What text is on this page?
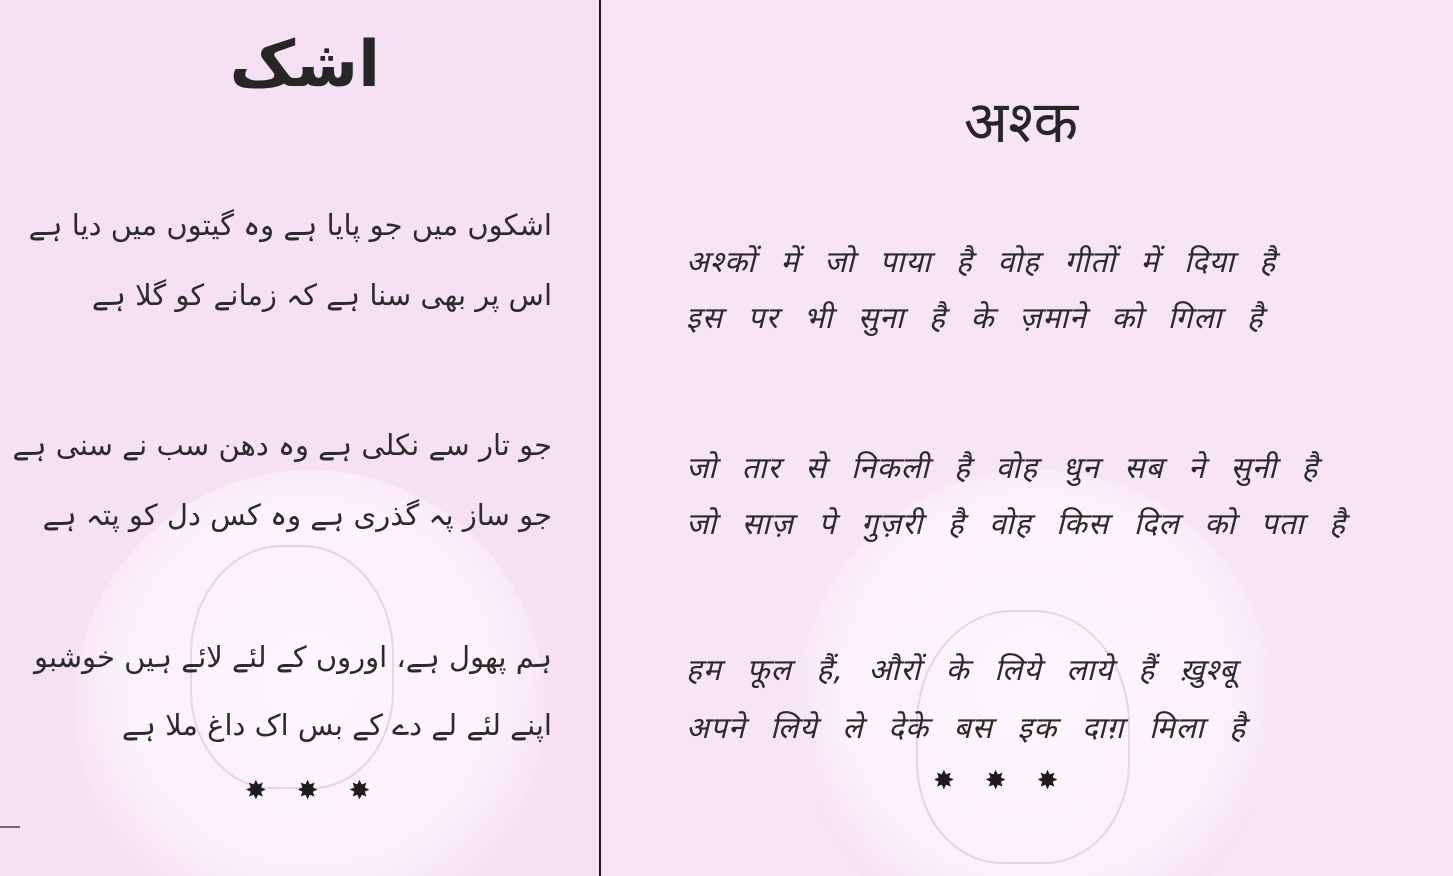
اشک
اشکوں میں جو پایا ہے وہ گیتوں میں دیا ہے
اس پر بھی سنا ہے کہ زمانے کو گلا ہے
جو تار سے نکلی ہے وہ دھن سب نے سنی ہے
جو ساز پہ گذری ہے وہ کس دل کو پتہ ہے
ہم پھول ہے، اوروں کے لئے لائے ہیں خوشبو
اپنے لئے لے دے کے بس اک داغ ملا ہے
✸✸✸
अश्क
अश्कों में जो पाया है वोह गीतों में दिया है
इस पर भी सुना है के ज़माने को गिला है
जो तार से निकली है वोह धुन सब ने सुनी है
जो साज़ पे गुज़री है वोह किस दिल को पता है
हम फूल हैं, औरों के लिये लाये हैं ख़ुश्बू
अपने लिये ले देके बस इक दाग़ मिला है
✸✸✸
